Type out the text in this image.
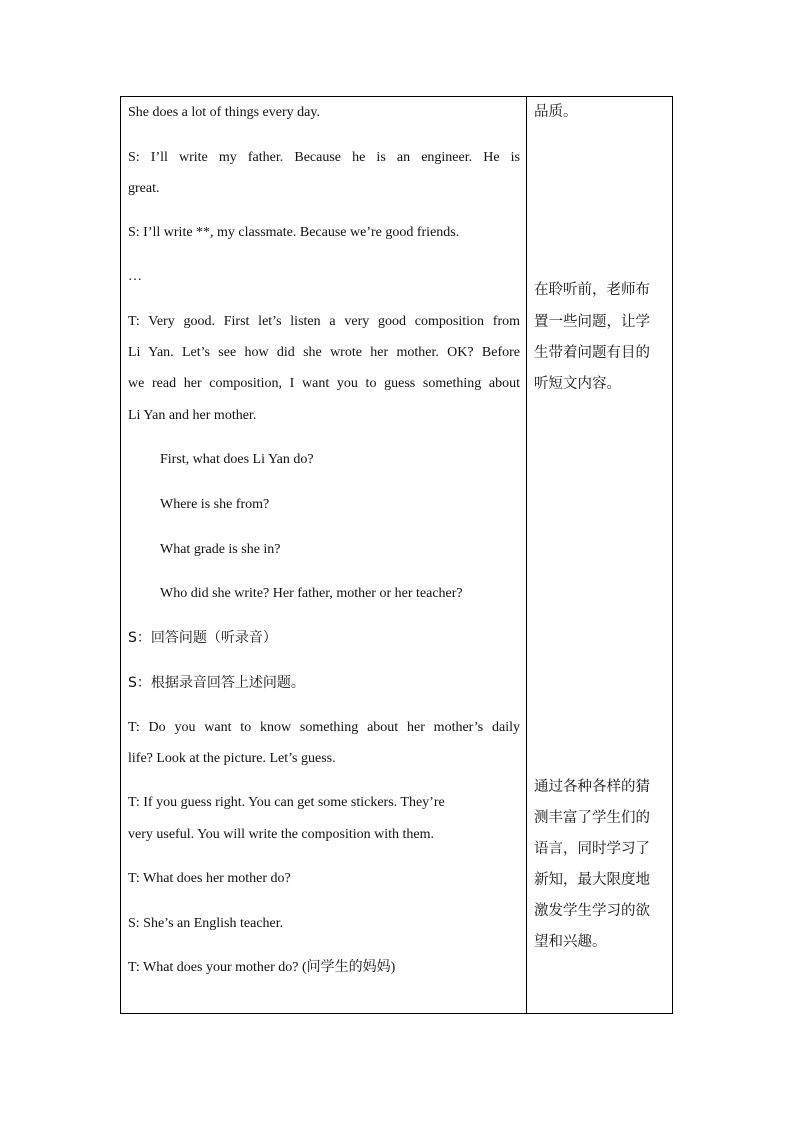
She does a lot of things every day.
S: I’ll write my father. Because he is an engineer. He is
great.
S: I’ll write **, my classmate. Because we’re good friends.
…
T: Very good. First let’s listen a very good composition from
Li Yan. Let’s see how did she wrote her mother. OK? Before
we read her composition, I want you to guess something about
Li Yan and her mother.
First, what does Li Yan do?
Where is she from?
What grade is she in?
Who did she write? Her father, mother or her teacher?
S：回答问题（听录音）
S：根据录音回答上述问题。
T: Do you want to know something about her mother’s daily
life? Look at the picture. Let’s guess.
T: If you guess right. You can get some stickers. They’re
very useful. You will write the composition with them.
T: What does her mother do?
S: She’s an English teacher.
T: What does your mother do? (问学生的妈妈)
品质。
在聆听前，老师布
置一些问题，让学
生带着问题有目的
听短文内容。
通过各种各样的猜
测丰富了学生们的
语言，同时学习了
新知，最大限度地
激发学生学习的欲
望和兴趣。
